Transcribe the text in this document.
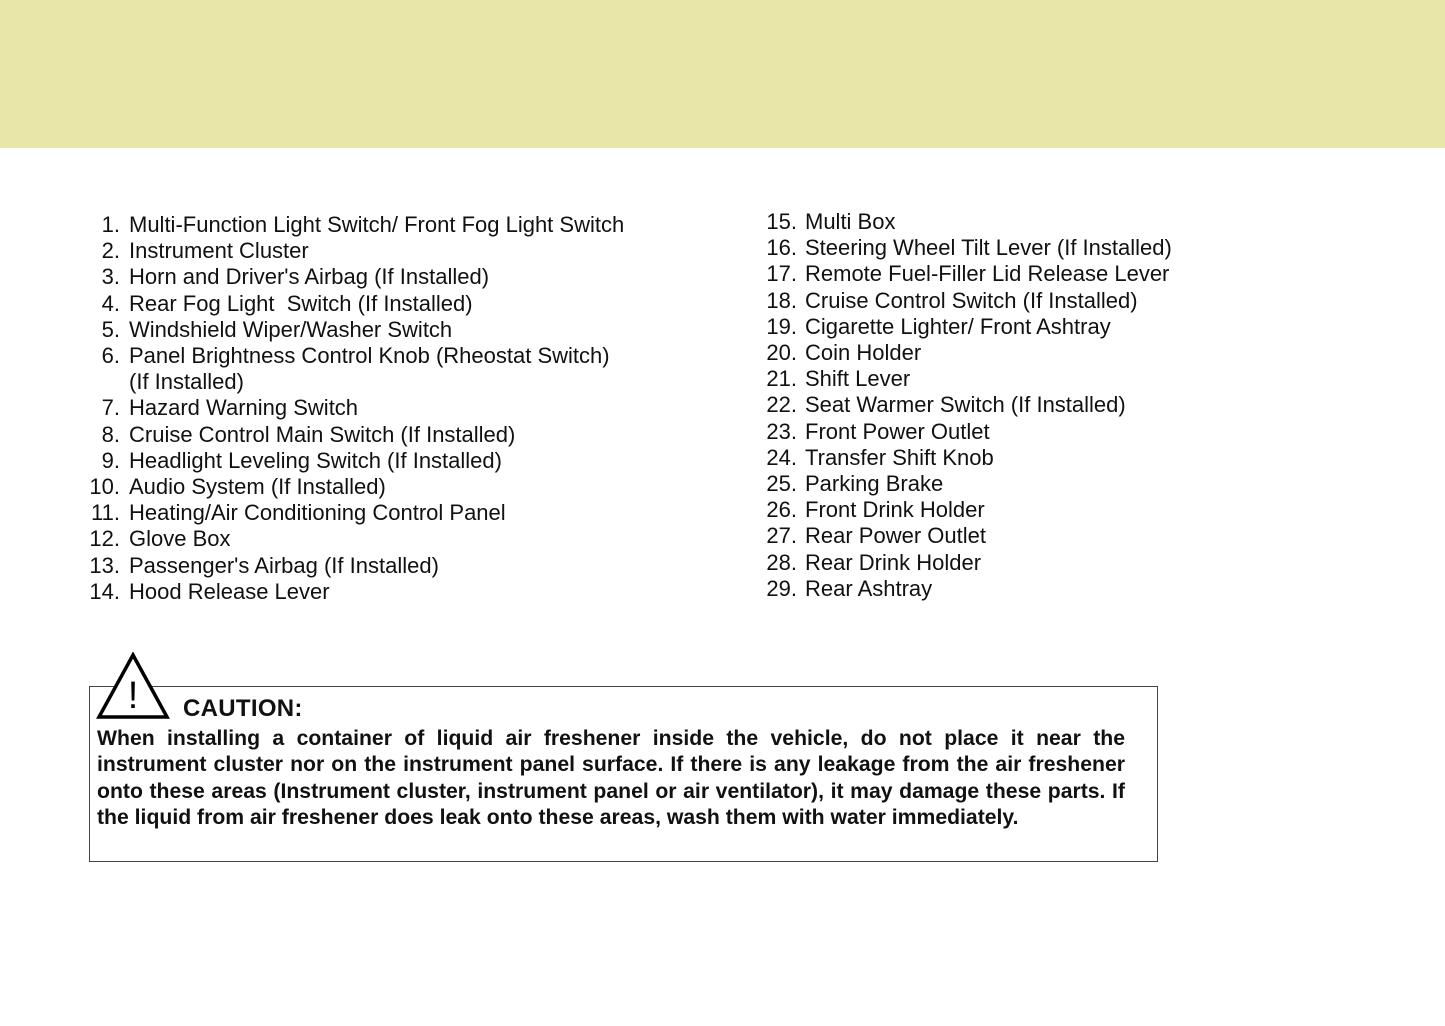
1. Multi-Function Light Switch/ Front Fog Light Switch
2. Instrument Cluster
3. Horn and Driver's Airbag (If Installed)
4. Rear Fog Light  Switch (If Installed)
5. Windshield Wiper/Washer Switch
6. Panel Brightness Control Knob (Rheostat Switch)
(If Installed)
7. Hazard Warning Switch
8. Cruise Control Main Switch (If Installed)
9. Headlight Leveling Switch (If Installed)
10. Audio System (If Installed)
11. Heating/Air Conditioning Control Panel
12. Glove Box
13. Passenger's Airbag (If Installed)
14. Hood Release Lever
15. Multi Box
16. Steering Wheel Tilt Lever (If Installed)
17. Remote Fuel-Filler Lid Release Lever
18. Cruise Control Switch (If Installed)
19. Cigarette Lighter/ Front Ashtray
20. Coin Holder
21. Shift Lever
22. Seat Warmer Switch (If Installed)
23. Front Power Outlet
24. Transfer Shift Knob
25. Parking Brake
26. Front Drink Holder
27. Rear Power Outlet
28. Rear Drink Holder
29. Rear Ashtray
! CAUTION:
When installing a container of liquid air freshener inside the vehicle, do not place it near the instrument cluster nor on the instrument panel surface. If there is any leakage from the air freshener onto these areas (Instrument cluster, instrument panel or air ventilator), it may damage these parts. If the liquid from air freshener does leak onto these areas, wash them with water immediately.
